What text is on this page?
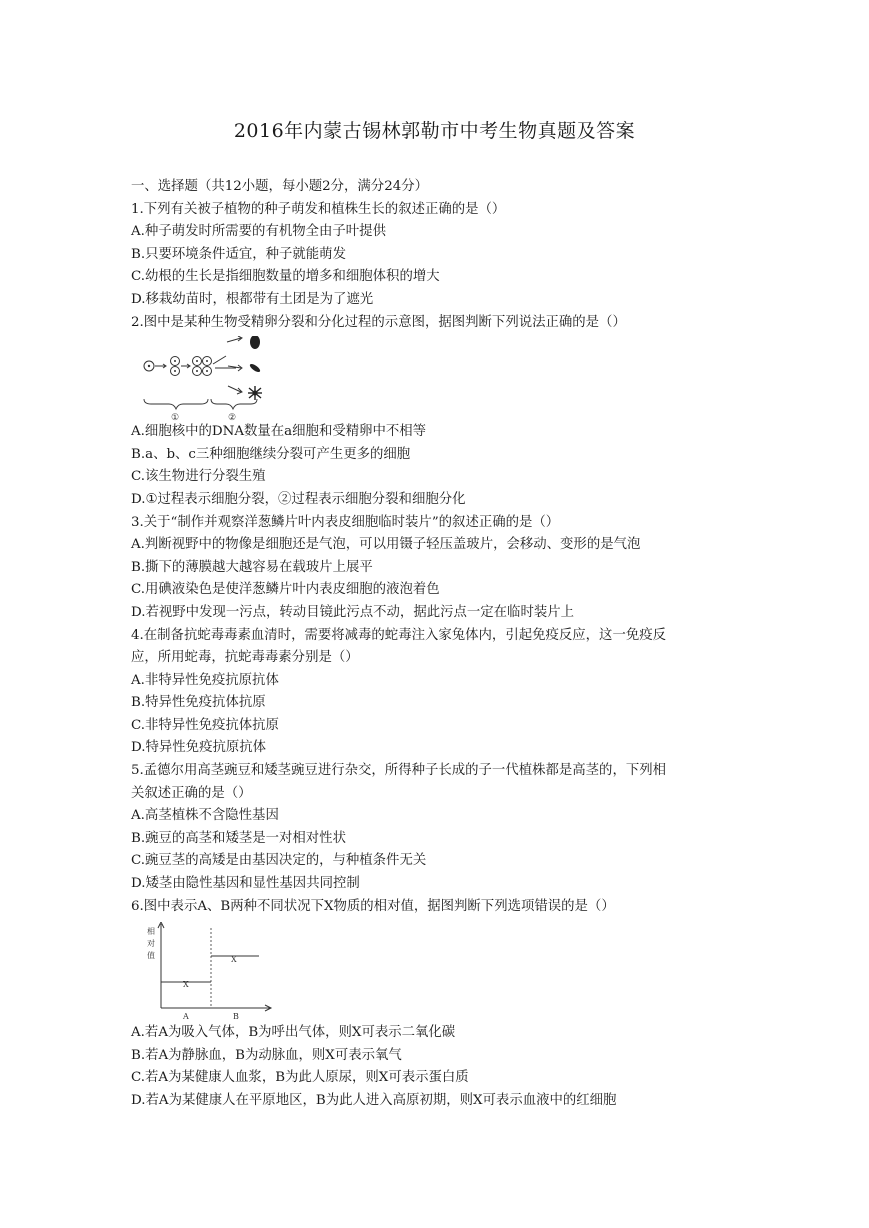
2016年内蒙古锡林郭勒市中考生物真题及答案
一、选择题（共12小题，每小题2分，满分24分）
1.下列有关被子植物的种子萌发和植株生长的叙述正确的是（）
A.种子萌发时所需要的有机物全由子叶提供
B.只要环境条件适宜，种子就能萌发
C.幼根的生长是指细胞数量的增多和细胞体积的增大
D.移栽幼苗时，根都带有土团是为了遮光
2.图中是某种生物受精卵分裂和分化过程的示意图，据图判断下列说法正确的是（）
①	②
A.细胞核中的DNA数量在a细胞和受精卵中不相等
B.a、b、c三种细胞继续分裂可产生更多的细胞
C.该生物进行分裂生殖
D.①过程表示细胞分裂，②过程表示细胞分裂和细胞分化
3.关于“制作并观察洋葱鳞片叶内表皮细胞临时装片”的叙述正确的是（）
A.判断视野中的物像是细胞还是气泡，可以用镊子轻压盖玻片，会移动、变形的是气泡
B.撕下的薄膜越大越容易在载玻片上展平
C.用碘液染色是使洋葱鳞片叶内表皮细胞的液泡着色
D.若视野中发现一污点，转动目镜此污点不动，据此污点一定在临时装片上
4.在制备抗蛇毒毒素血清时，需要将减毒的蛇毒注入家兔体内，引起免疫反应，这一免疫反
应，所用蛇毒，抗蛇毒毒素分别是（）
A.非特异性免疫抗原抗体
B.特异性免疫抗体抗原
C.非特异性免疫抗体抗原
D.特异性免疫抗原抗体
5.孟德尔用高茎豌豆和矮茎豌豆进行杂交，所得种子长成的子一代植株都是高茎的，下列相
关叙述正确的是（）
A.高茎植株不含隐性基因
B.豌豆的高茎和矮茎是一对相对性状
C.豌豆茎的高矮是由基因决定的，与种植条件无关
D.矮茎由隐性基因和显性基因共同控制
6.图中表示A、B两种不同状况下X物质的相对值，据图判断下列选项错误的是（）
相
对
值
X
X
A	B
A.若A为吸入气体，B为呼出气体，则X可表示二氧化碳
B.若A为静脉血，B为动脉血，则X可表示氧气
C.若A为某健康人血浆，B为此人原尿，则X可表示蛋白质
D.若A为某健康人在平原地区，B为此人进入高原初期，则X可表示血液中的红细胞
